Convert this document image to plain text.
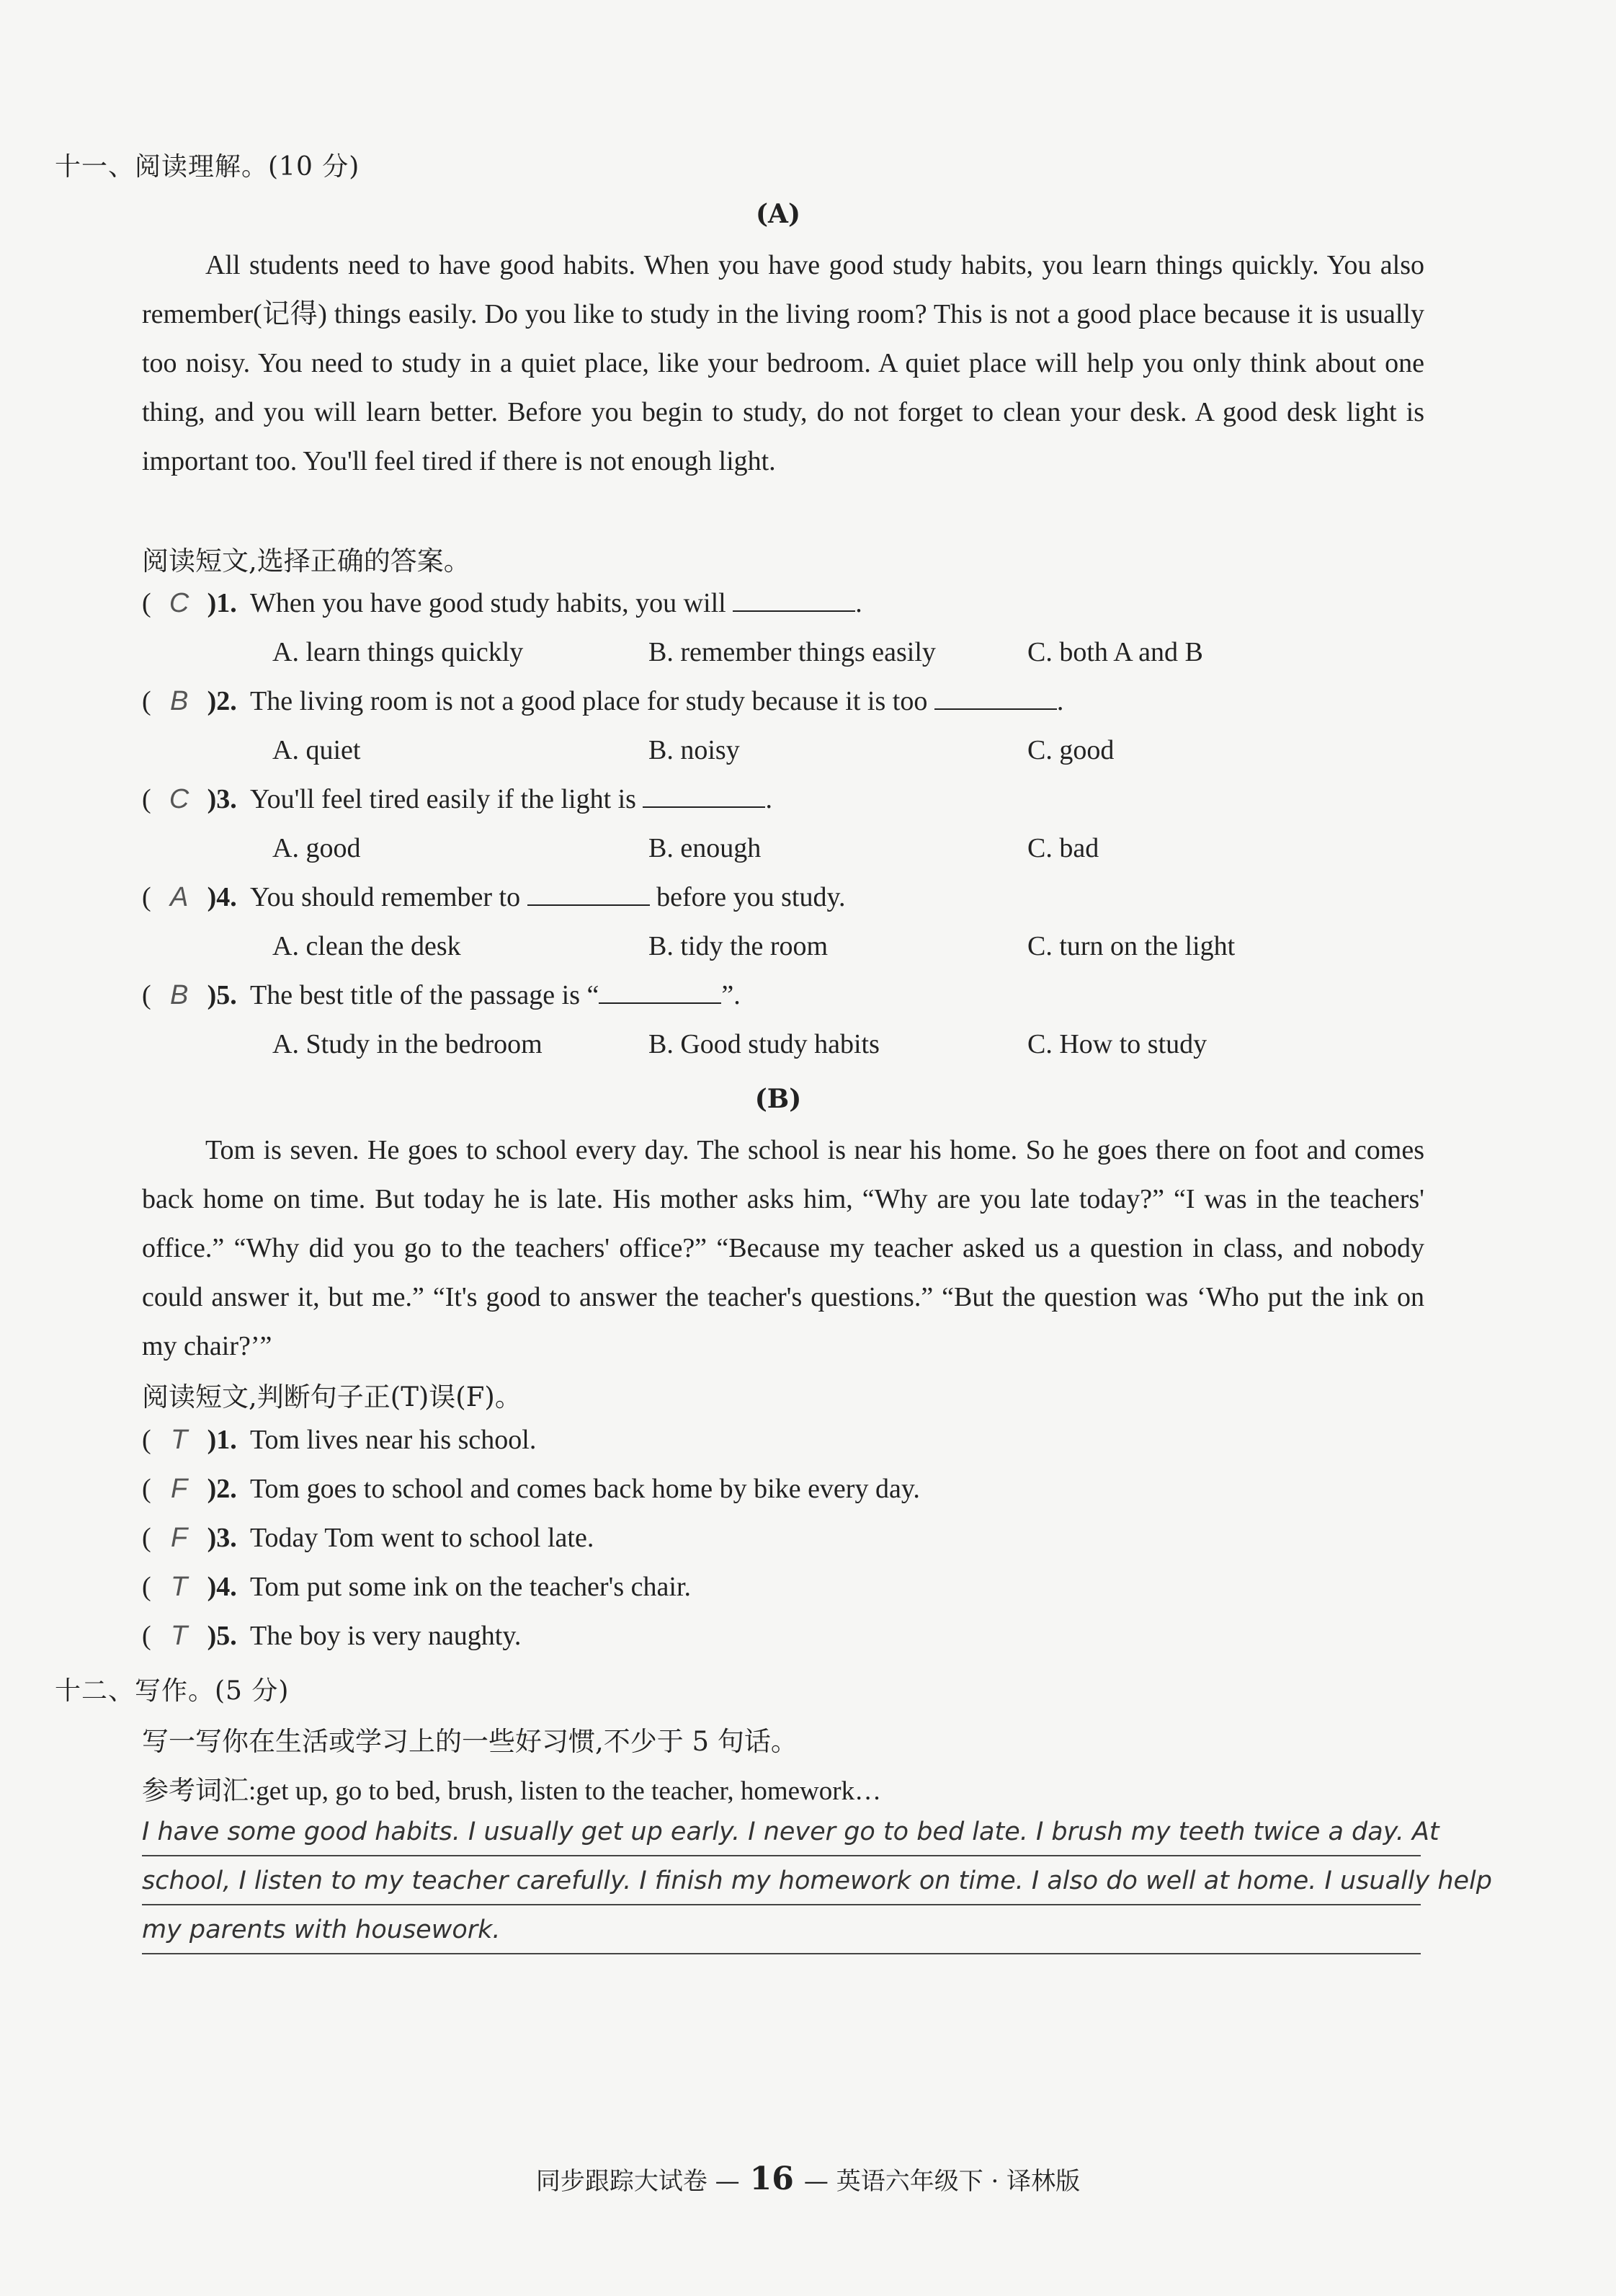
十一、阅读理解。(10 分)
(A)
All students need to have good habits. When you have good study habits, you learn things quickly. You also remember(记得) things easily. Do you like to study in the living room? This is not a good place because it is usually too noisy. You need to study in a quiet place, like your bedroom. A quiet place will help you only think about one thing, and you will learn better. Before you begin to study, do not forget to clean your desk. A good desk light is important too. You'll feel tired if there is not enough light.
阅读短文,选择正确的答案。
( C )1. When you have good study habits, you will	.
A. learn things quickly	B. remember things easily	C. both A and B
( B )2. The living room is not a good place for study because it is too	.
A. quiet	B. noisy	C. good
( C )3. You'll feel tired easily if the light is	.
A. good	B. enough	C. bad
( A )4. You should remember to	before you study.
A. clean the desk	B. tidy the room	C. turn on the light
( B )5. The best title of the passage is “	”.
A. Study in the bedroom	B. Good study habits	C. How to study
(B)
Tom is seven. He goes to school every day. The school is near his home. So he goes there on foot and comes back home on time. But today he is late. His mother asks him, “Why are you late today?” “I was in the teachers' office.” “Why did you go to the teachers' office?” “Because my teacher asked us a question in class, and nobody could answer it, but me.” “It's good to answer the teacher's questions.” “But the question was ‘Who put the ink on my chair?’”
阅读短文,判断句子正(T)误(F)。
( T )1. Tom lives near his school.
( F )2. Tom goes to school and comes back home by bike every day.
( F )3. Today Tom went to school late.
( T )4. Tom put some ink on the teacher's chair.
( T )5. The boy is very naughty.
十二、写作。(5 分)
写一写你在生活或学习上的一些好习惯,不少于 5 句话。
参考词汇:get up, go to bed, brush, listen to the teacher, homework…
I have some good habits. I usually get up early. I never go to bed late. I brush my teeth twice a day. At
school, I listen to my teacher carefully. I finish my homework on time. I also do well at home. I usually help
my parents with housework.
同步跟踪大试卷 — 16 — 英语六年级下 · 译林版
